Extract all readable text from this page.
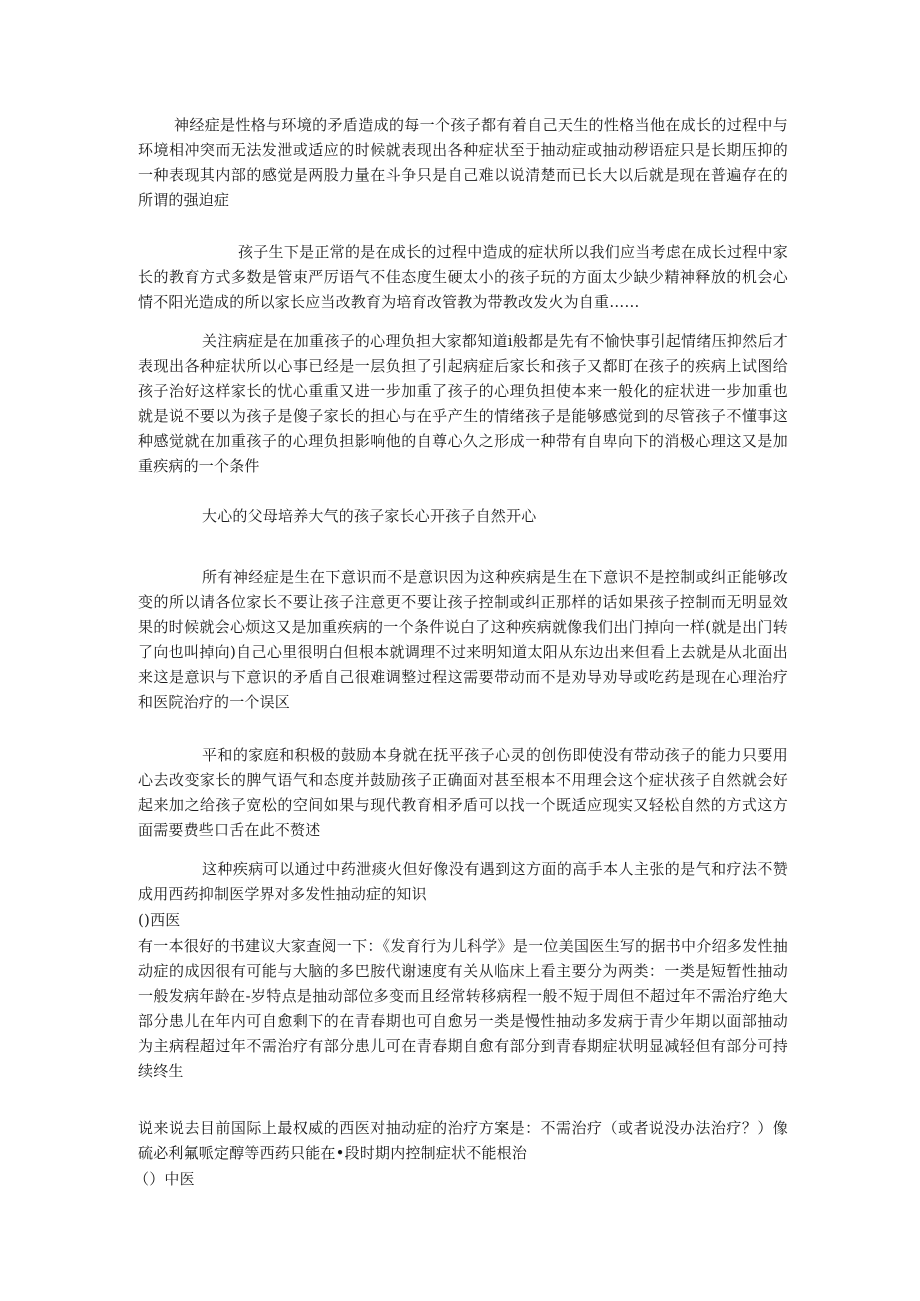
神经症是性格与环境的矛盾造成的每一个孩子都有着自己天生的性格当他在成长的过程中与环境相冲突而无法发泄或适应的时候就表现出各种症状至于抽动症或抽动秽语症只是长期压抑的一种表现其内部的感觉是两股力量在斗争只是自己难以说清楚而已长大以后就是现在普遍存在的所谓的强迫症

孩子生下是正常的是在成长的过程中造成的症状所以我们应当考虑在成长过程中家长的教育方式多数是管束严厉语气不佳态度生硬太小的孩子玩的方面太少缺少精神释放的机会心情不阳光造成的所以家长应当改教育为培育改管教为带教改发火为自重……

关注病症是在加重孩子的心理负担大家都知道ⅰ般都是先有不愉快事引起情绪压抑然后才表现出各种症状所以心事已经是一层负担了引起病症后家长和孩子又都盯在孩子的疾病上试图给孩子治好这样家长的忧心重重又进一步加重了孩子的心理负担使本来一般化的症状进一步加重也就是说不要以为孩子是傻子家长的担心与在乎产生的情绪孩子是能够感觉到的尽管孩子不懂事这种感觉就在加重孩子的心理负担影响他的自尊心久之形成一种带有自卑向下的消极心理这又是加重疾病的一个条件

大心的父母培养大气的孩子家长心开孩子自然开心

所有神经症是生在下意识而不是意识因为这种疾病是生在下意识不是控制或纠正能够改变的所以请各位家长不要让孩子注意更不要让孩子控制或纠正那样的话如果孩子控制而无明显效果的时候就会心烦这又是加重疾病的一个条件说白了这种疾病就像我们出门掉向一样(就是出门转了向也叫掉向)自己心里很明白但根本就调理不过来明知道太阳从东边出来但看上去就是从北面出来这是意识与下意识的矛盾自己很难调整过程这需要带动而不是劝导劝导或吃药是现在心理治疗和医院治疗的一个误区

平和的家庭和积极的鼓励本身就在抚平孩子心灵的创伤即使没有带动孩子的能力只要用心去改变家长的脾气语气和态度并鼓励孩子正确面对甚至根本不用理会这个症状孩子自然就会好起来加之给孩子宽松的空间如果与现代教育相矛盾可以找一个既适应现实又轻松自然的方式这方面需要费些口舌在此不赘述

这种疾病可以通过中药泄痰火但好像没有遇到这方面的高手本人主张的是气和疗法不赞成用西药抑制医学界对多发性抽动症的知识

()西医

有一本很好的书建议大家查阅一下：《发育行为儿科学》是一位美国医生写的据书中介绍多发性抽动症的成因很有可能与大脑的多巴胺代谢速度有关从临床上看主要分为两类：一类是短暂性抽动一般发病年龄在-岁特点是抽动部位多变而且经常转移病程一般不短于周但不超过年不需治疗绝大部分患儿在年内可自愈剩下的在青春期也可自愈另一类是慢性抽动多发病于青少年期以面部抽动为主病程超过年不需治疗有部分患儿可在青春期自愈有部分到青春期症状明显减轻但有部分可持续终生

说来说去目前国际上最权威的西医对抽动症的治疗方案是：不需治疗（或者说没办法治疗？）像硫必利氟哌定醇等西药只能在•段时期内控制症状不能根治

（）中医
